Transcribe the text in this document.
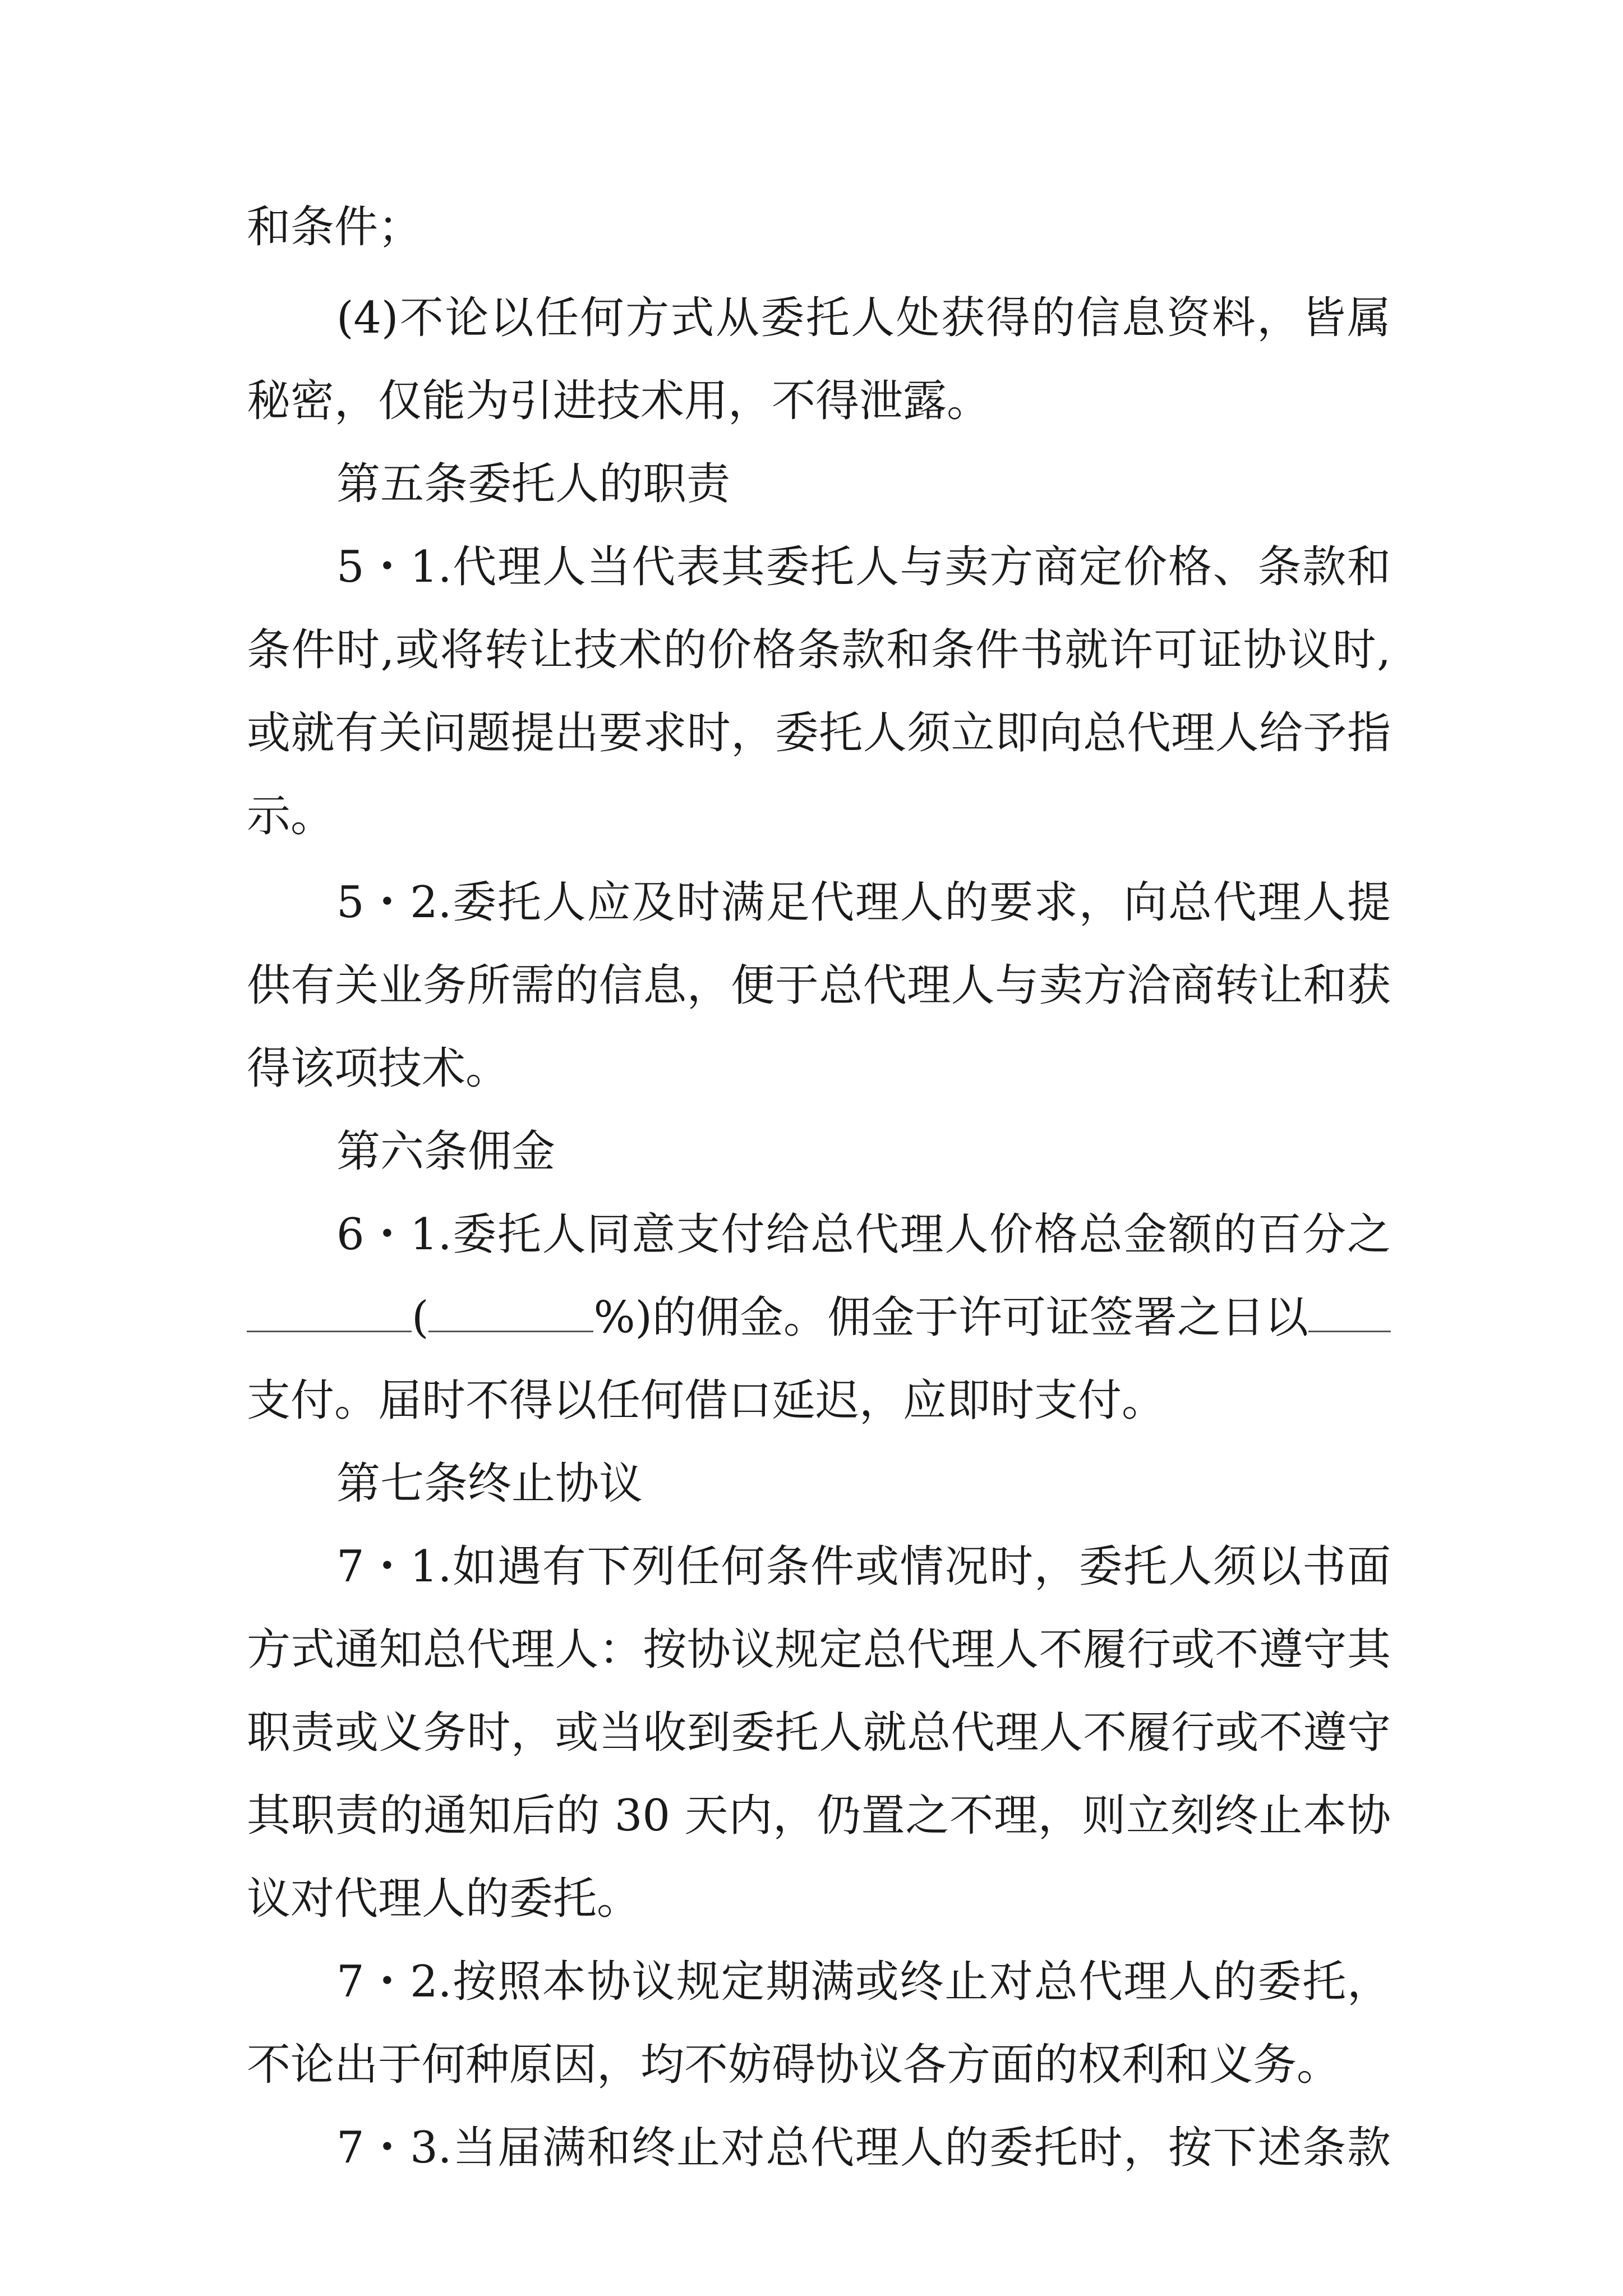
和条件；
(4)不论以任何方式从委托人处获得的信息资料，皆属
秘密，仅能为引进技术用，不得泄露。
第五条委托人的职责
5・1.代理人当代表其委托人与卖方商定价格、条款和
条件时,或将转让技术的价格条款和条件书就许可证协议时,
或就有关问题提出要求时，委托人须立即向总代理人给予指
示。
5・2.委托人应及时满足代理人的要求，向总代理人提
供有关业务所需的信息，便于总代理人与卖方洽商转让和获
得该项技术。
第六条佣金
6・1.委托人同意支付给总代理人价格总金额的百分之
(	%)的佣金。佣金于许可证签署之日以
支付。届时不得以任何借口延迟，应即时支付。
第七条终止协议
7・1.如遇有下列任何条件或情况时，委托人须以书面
方式通知总代理人：按协议规定总代理人不履行或不遵守其
职责或义务时，或当收到委托人就总代理人不履行或不遵守
其职责的通知后的 30 天内，仍置之不理，则立刻终止本协
议对代理人的委托。
7・2.按照本协议规定期满或终止对总代理人的委托，
不论出于何种原因，均不妨碍协议各方面的权利和义务。
7・3.当届满和终止对总代理人的委托时，按下述条款
